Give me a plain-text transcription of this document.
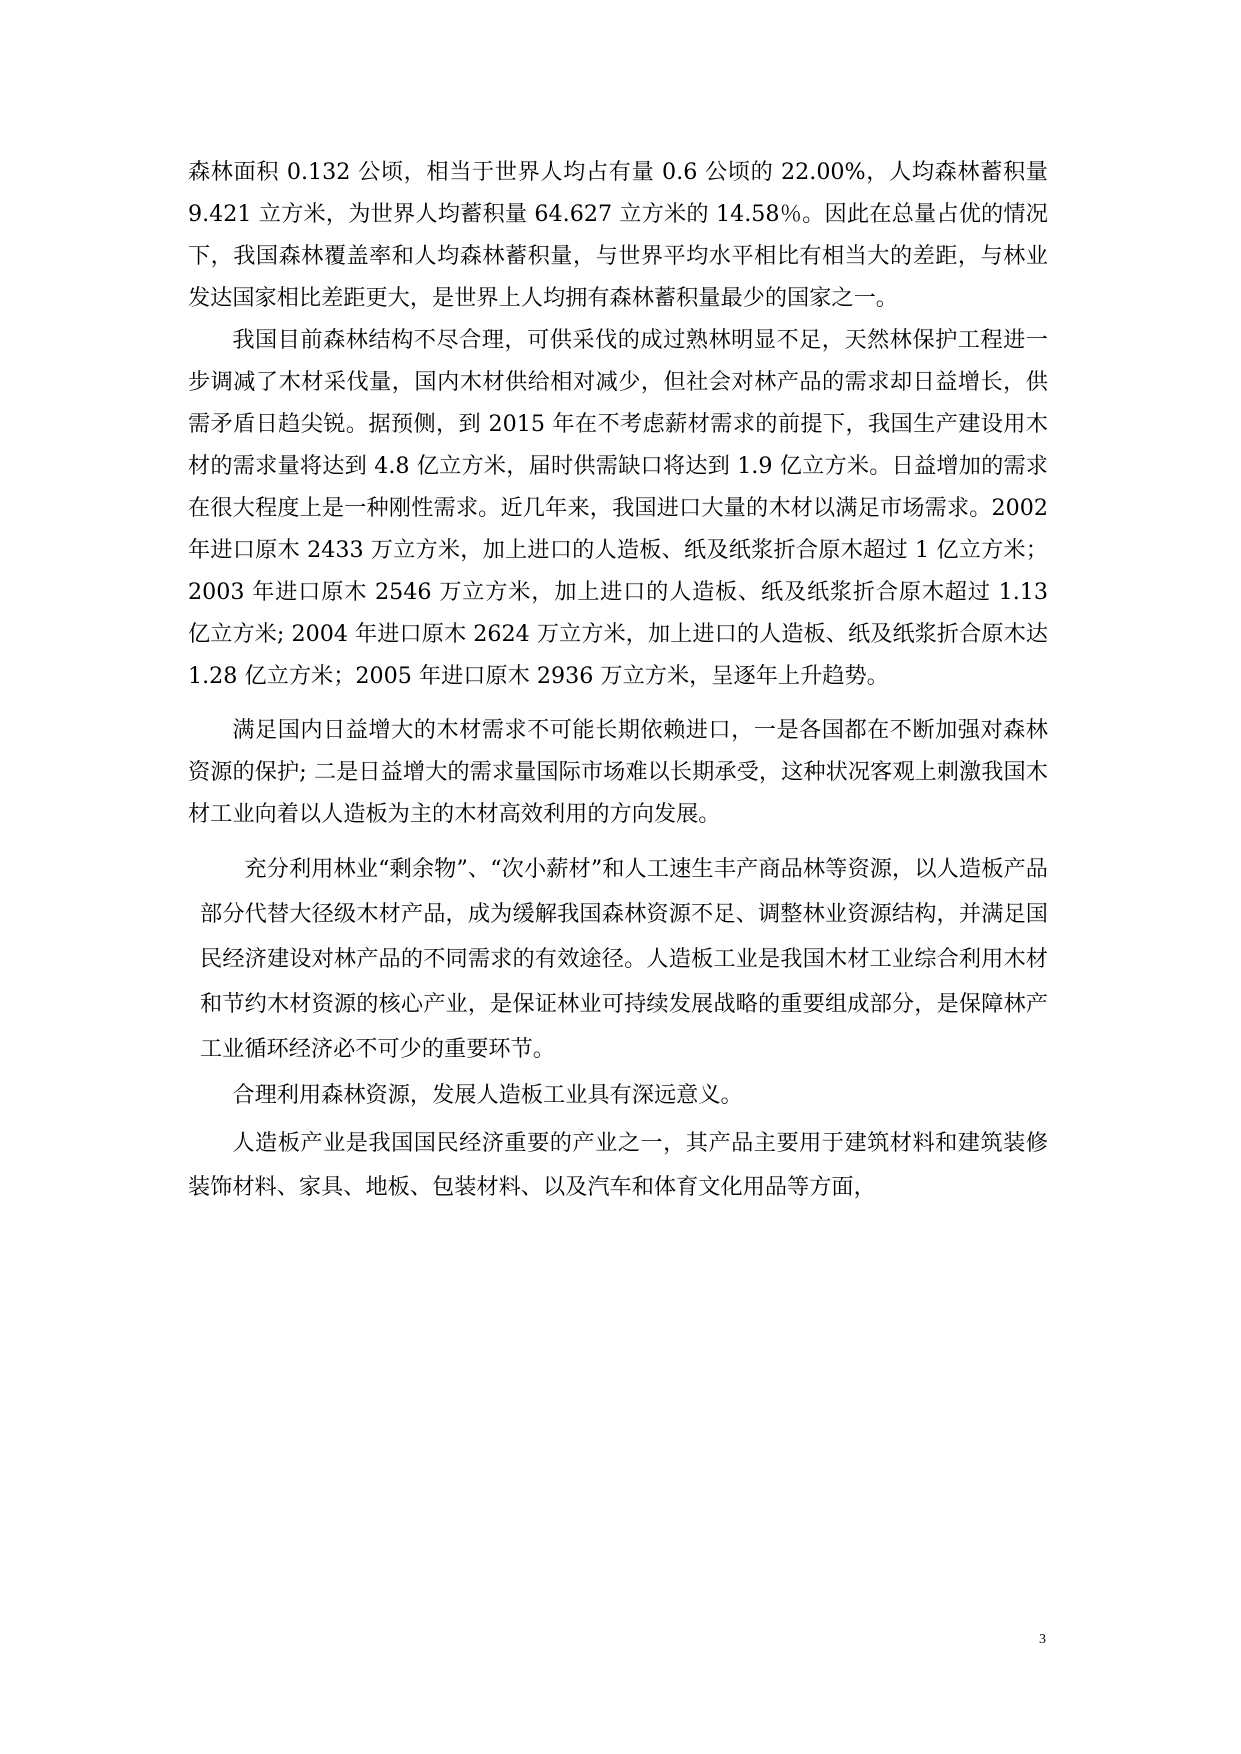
森林面积 0.132 公顷，相当于世界人均占有量 0.6 公顷的 22.00%，人均森林蓄积量 9.421 立方米，为世界人均蓄积量 64.627 立方米的 14.58％。因此在总量占优的情况下，我国森林覆盖率和人均森林蓄积量，与世界平均水平相比有相当大的差距，与林业发达国家相比差距更大，是世界上人均拥有森林蓄积量最少的国家之一。

我国目前森林结构不尽合理，可供采伐的成过熟林明显不足，天然林保护工程进一步调减了木材采伐量，国内木材供给相对减少，但社会对林产品的需求却日益增长，供需矛盾日趋尖锐。据预侧，到 2015 年在不考虑薪材需求的前提下，我国生产建设用木材的需求量将达到 4.8 亿立方米，届时供需缺口将达到 1.9 亿立方米。日益增加的需求在很大程度上是一种刚性需求。近几年来，我国进口大量的木材以满足市场需求。2002 年进口原木 2433 万立方米，加上进口的人造板、纸及纸浆折合原木超过 1 亿立方米；2003 年进口原木 2546 万立方米，加上进口的人造板、纸及纸浆折合原木超过 1.13 亿立方米; 2004 年进口原木 2624 万立方米，加上进口的人造板、纸及纸浆折合原木达 1.28 亿立方米；2005 年进口原木 2936 万立方米，呈逐年上升趋势。

满足国内日益增大的木材需求不可能长期依赖进口，一是各国都在不断加强对森林资源的保护; 二是日益增大的需求量国际市场难以长期承受，这种状况客观上刺激我国木材工业向着以人造板为主的木材高效利用的方向发展。

充分利用林业“剩余物”、“次小薪材”和人工速生丰产商品林等资源，以人造板产品部分代替大径级木材产品，成为缓解我国森林资源不足、调整林业资源结构，并满足国民经济建设对林产品的不同需求的有效途径。人造板工业是我国木材工业综合利用木材和节约木材资源的核心产业，是保证林业可持续发展战略的重要组成部分，是保障林产工业循环经济必不可少的重要环节。

合理利用森林资源，发展人造板工业具有深远意义。

人造板产业是我国国民经济重要的产业之一，其产品主要用于建筑材料和建筑装修装饰材料、家具、地板、包装材料、以及汽车和体育文化用品等方面，

3
